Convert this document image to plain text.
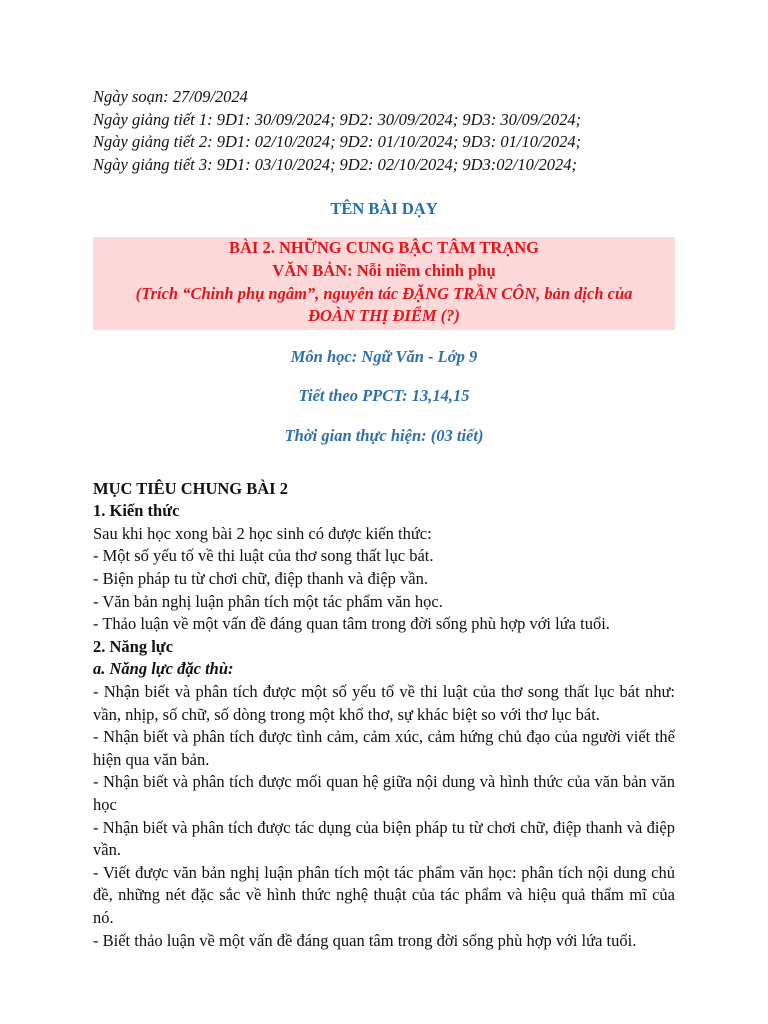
Ngày soạn: 27/09/2024

Ngày giảng tiết 1: 9D1: 30/09/2024; 9D2: 30/09/2024; 9D3: 30/09/2024;

Ngày giảng tiết 2: 9D1: 02/10/2024; 9D2: 01/10/2024; 9D3: 01/10/2024;

Ngày giảng tiết 3: 9D1: 03/10/2024; 9D2: 02/10/2024; 9D3:02/10/2024;

TÊN BÀI DẠY

BÀI 2. NHỮNG CUNG BẬC TÂM TRẠNG

VĂN BẢN: Nỗi niềm chinh phụ

(Trích “Chinh phụ ngâm”, nguyên tác ĐẶNG TRẦN CÔN, bản dịch của

ĐOÀN THỊ ĐIỂM (?)

Môn học: Ngữ Văn - Lớp 9

Tiết theo PPCT: 13,14,15

Thời gian thực hiện: (03 tiết)

MỤC TIÊU CHUNG BÀI 2

1. Kiến thức

Sau khi học xong bài 2 học sinh có được kiến thức:

- Một số yếu tố về thi luật của thơ song thất lục bát.

- Biện pháp tu từ chơi chữ, điệp thanh và điệp vần.

- Văn bản nghị luận phân tích một tác phẩm văn học.

- Thảo luận về một vấn đề đáng quan tâm trong đời sống phù hợp với lứa tuổi.

2. Năng lực

a. Năng lực đặc thù:

- Nhận biết và phân tích được một số yếu tố về thi luật của thơ song thất lục bát như: vần, nhịp, số chữ, số dòng trong một khổ thơ, sự khác biệt so với thơ lục bát.

- Nhận biết và phân tích được tình cảm, cảm xúc, cảm hứng chủ đạo của người viết thể hiện qua văn bản.

- Nhận biết và phân tích được mối quan hệ giữa nội dung và hình thức của văn bản văn học

- Nhận biết và phân tích được tác dụng của biện pháp tu từ chơi chữ, điệp thanh và điệp vần.

- Viết được văn bản nghị luận phân tích một tác phẩm văn học: phân tích nội dung chủ đề, những nét đặc sắc về hình thức nghệ thuật của tác phẩm và hiệu quả thẩm mĩ của nó.

- Biết thảo luận về một vấn đề đáng quan tâm trong đời sống phù hợp với lứa tuổi.
